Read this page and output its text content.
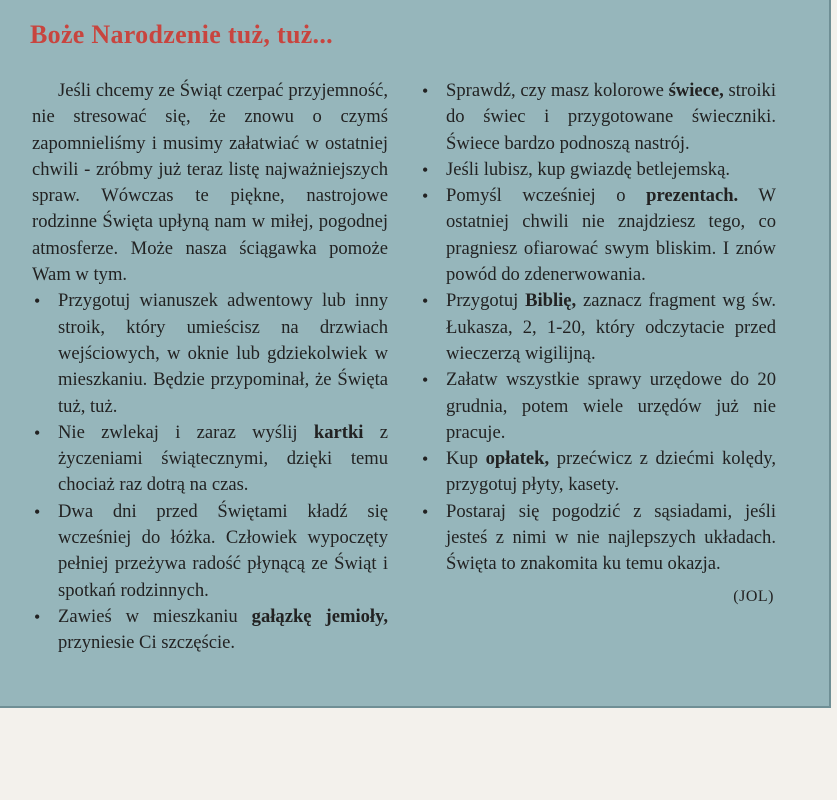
Boże Narodzenie tuż, tuż...

Jeśli chcemy ze Świąt czerpać przyjemność, nie stresować się, że znowu o czymś zapomnieliśmy i musimy załatwiać w ostatniej chwili - zróbmy już teraz listę najważniejszych spraw. Wówczas te piękne, nastrojowe rodzinne Święta upłyną nam w miłej, pogodnej atmosferze. Może nasza ściągawka pomoże Wam w tym.

• Przygotuj wianuszek adwentowy lub inny stroik, który umieścisz na drzwiach wejściowych, w oknie lub gdziekolwiek w mieszkaniu. Będzie przypominał, że Święta tuż, tuż.
• Nie zwlekaj i zaraz wyślij kartki z życzeniami świątecznymi, dzięki temu chociaż raz dotrą na czas.
• Dwa dni przed Świętami kładź się wcześniej do łóżka. Człowiek wypoczęty pełniej przeżywa radość płynącą ze Świąt i spotkań rodzinnych.
• Zawieś w mieszkaniu gałązkę jemioły, przyniesie Ci szczęście.
• Sprawdź, czy masz kolorowe świece, stroiki do świec i przygotowane świeczniki. Świece bardzo podnoszą nastrój.
• Jeśli lubisz, kup gwiazdę betlejemską.
• Pomyśl wcześniej o prezentach. W ostatniej chwili nie znajdziesz tego, co pragniesz ofiarować swym bliskim. I znów powód do zdenerwowania.
• Przygotuj Biblię, zaznacz fragment wg św. Łukasza, 2, 1-20, który odczytacie przed wieczerzą wigilijną.
• Załatw wszystkie sprawy urzędowe do 20 grudnia, potem wiele urzędów już nie pracuje.
• Kup opłatek, przećwicz z dziećmi kolędy, przygotuj płyty, kasety.
• Postaraj się pogodzić z sąsiadami, jeśli jesteś z nimi w nie najlepszych układach. Święta to znakomita ku temu okazja.
(JOL)
